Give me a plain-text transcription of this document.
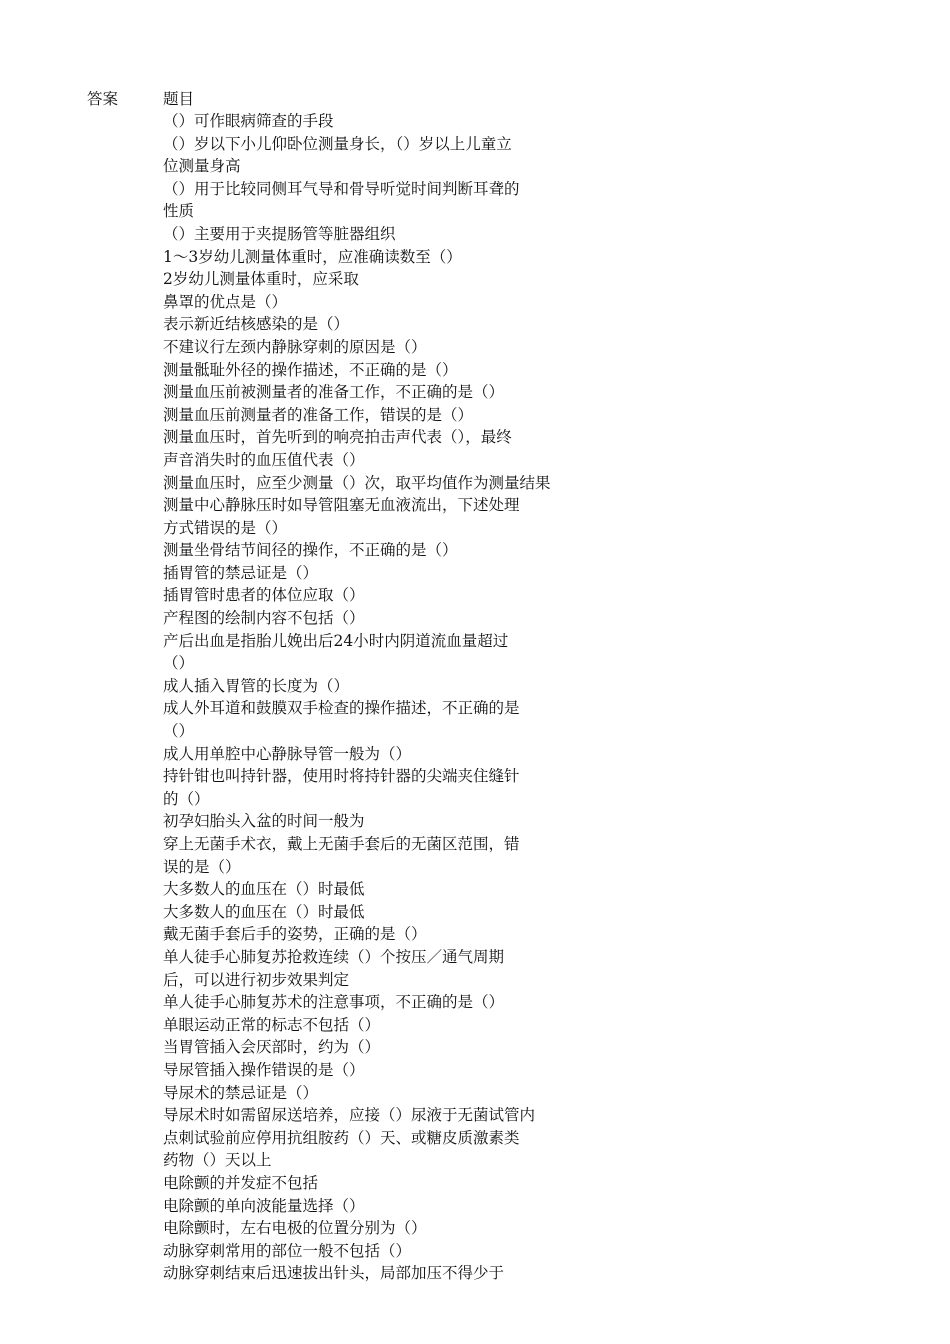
答案	题目
（）可作眼病筛查的手段
（）岁以下小儿仰卧位测量身长，（）岁以上儿童立
位测量身高
（）用于比较同侧耳气导和骨导听觉时间判断耳聋的
性质
（）主要用于夹提肠管等脏器组织
1～3岁幼儿测量体重时，应准确读数至（）
2岁幼儿测量体重时，应采取
鼻罩的优点是（）
表示新近结核感染的是（）
不建议行左颈内静脉穿刺的原因是（）
测量骶耻外径的操作描述，不正确的是（）
测量血压前被测量者的准备工作，不正确的是（）
测量血压前测量者的准备工作，错误的是（）
测量血压时，首先听到的响亮拍击声代表（），最终
声音消失时的血压值代表（）
测量血压时，应至少测量（）次，取平均值作为测量结果
测量中心静脉压时如导管阻塞无血液流出，下述处理
方式错误的是（）
测量坐骨结节间径的操作，不正确的是（）
插胃管的禁忌证是（）
插胃管时患者的体位应取（）
产程图的绘制内容不包括（）
产后出血是指胎儿娩出后24小时内阴道流血量超过
（）
成人插入胃管的长度为（）
成人外耳道和鼓膜双手检查的操作描述，不正确的是
（）
成人用单腔中心静脉导管一般为（）
持针钳也叫持针器，使用时将持针器的尖端夹住缝针
的（）
初孕妇胎头入盆的时间一般为
穿上无菌手术衣，戴上无菌手套后的无菌区范围，错
误的是（）
大多数人的血压在（）时最低
大多数人的血压在（）时最低
戴无菌手套后手的姿势，正确的是（）
单人徒手心肺复苏抢救连续（）个按压／通气周期
后，可以进行初步效果判定
单人徒手心肺复苏术的注意事项，不正确的是（）
单眼运动正常的标志不包括（）
当胃管插入会厌部时，约为（）
导尿管插入操作错误的是（）
导尿术的禁忌证是（）
导尿术时如需留尿送培养，应接（）尿液于无菌试管内
点刺试验前应停用抗组胺药（）天、或糖皮质激素类
药物（）天以上
电除颤的并发症不包括
电除颤的单向波能量选择（）
电除颤时，左右电极的位置分别为（）
动脉穿刺常用的部位一般不包括（）
动脉穿刺结束后迅速拔出针头，局部加压不得少于
